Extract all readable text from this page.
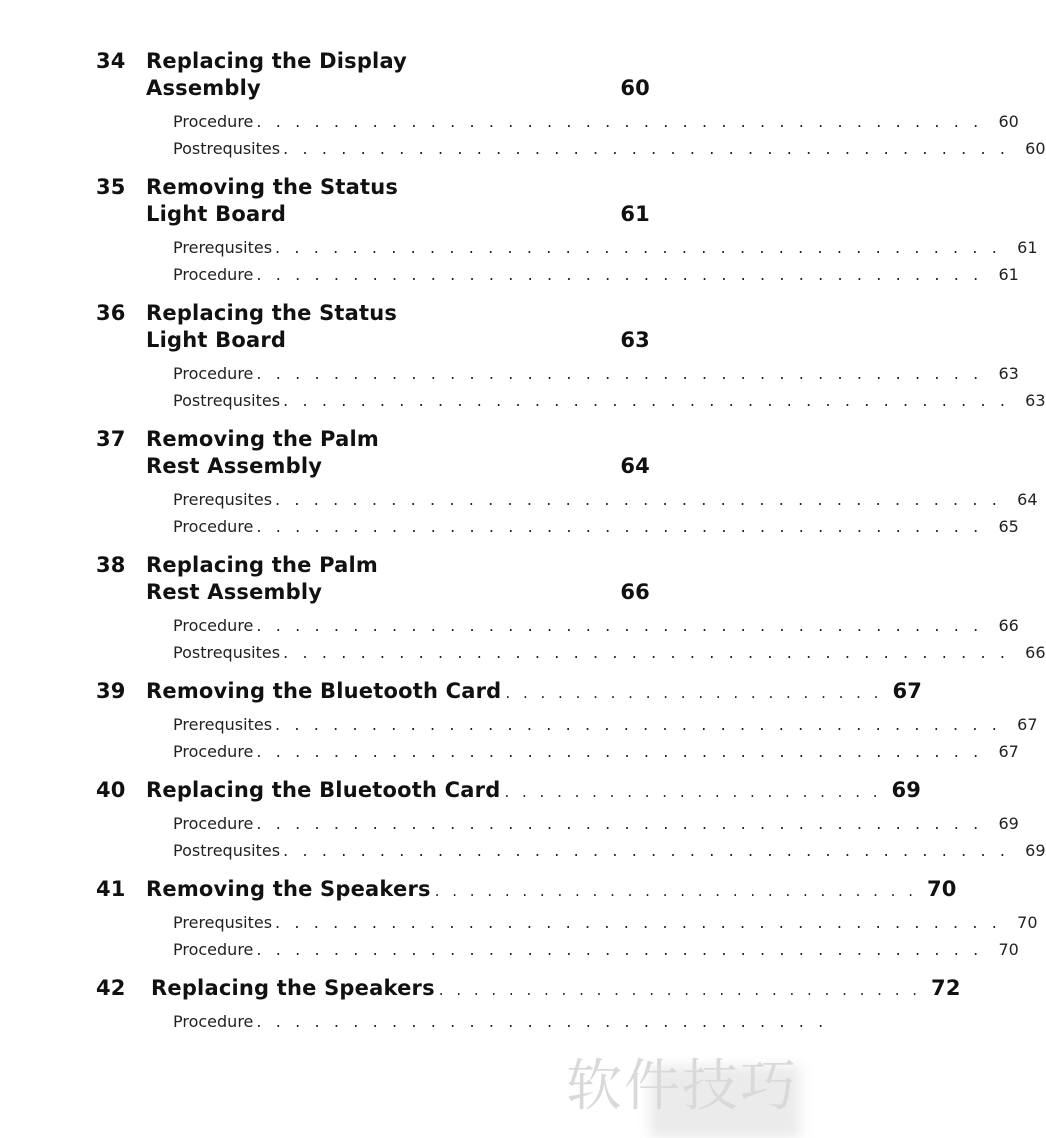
34 Replacing the Display
Assembly	60
Procedure . . . . . . . . . . . . . . . . . . . . . . . . . . . . . . . . . . . . . . 60
Postrequsites . . . . . . . . . . . . . . . . . . . . . . . . . . . . . . . . . . . . . . 60
35 Removing the Status
Light Board	61
Prerequsites . . . . . . . . . . . . . . . . . . . . . . . . . . . . . . . . . . . . . . 61
Procedure . . . . . . . . . . . . . . . . . . . . . . . . . . . . . . . . . . . . . . 61
36 Replacing the Status
Light Board	63
Procedure . . . . . . . . . . . . . . . . . . . . . . . . . . . . . . . . . . . . . . 63
Postrequsites . . . . . . . . . . . . . . . . . . . . . . . . . . . . . . . . . . . . . . 63
37 Removing the Palm
Rest Assembly	64
Prerequsites . . . . . . . . . . . . . . . . . . . . . . . . . . . . . . . . . . . . . . 64
Procedure . . . . . . . . . . . . . . . . . . . . . . . . . . . . . . . . . . . . . . 65
38 Replacing the Palm
Rest Assembly	66
Procedure . . . . . . . . . . . . . . . . . . . . . . . . . . . . . . . . . . . . . . 66
Postrequsites . . . . . . . . . . . . . . . . . . . . . . . . . . . . . . . . . . . . . . 66
39 Removing the Bluetooth Card . . . . . . . . . . . . . . . . . . . . . . 67
Prerequsites . . . . . . . . . . . . . . . . . . . . . . . . . . . . . . . . . . . . . . 67
Procedure . . . . . . . . . . . . . . . . . . . . . . . . . . . . . . . . . . . . . . 67
40 Replacing the Bluetooth Card . . . . . . . . . . . . . . . . . . . . . . 69
Procedure . . . . . . . . . . . . . . . . . . . . . . . . . . . . . . . . . . . . . . 69
Postrequsites . . . . . . . . . . . . . . . . . . . . . . . . . . . . . . . . . . . . . . 69
41 Removing the Speakers . . . . . . . . . . . . . . . . . . . . . . . . . . . . 70
Prerequsites . . . . . . . . . . . . . . . . . . . . . . . . . . . . . . . . . . . . . . 70
Procedure . . . . . . . . . . . . . . . . . . . . . . . . . . . . . . . . . . . . . . 70
42	Replacing the Speakers . . . . . . . . . . . . . . . . . . . . . . . . . . . . 72
Procedure . . . . . . . . . . . . . . . . . . . . . . . . . . . . . .
软件技巧
